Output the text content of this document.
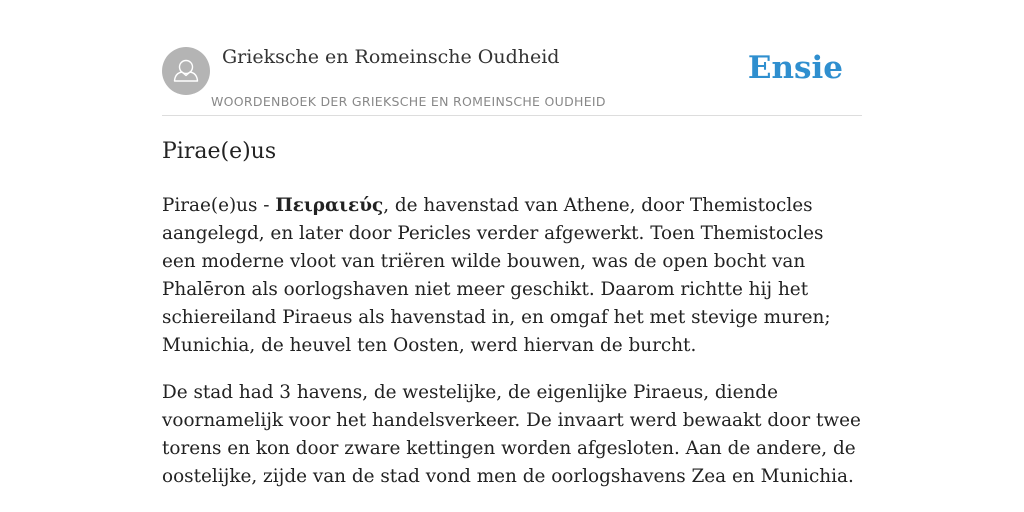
Grieksche en Romeinsche Oudheid
WOORDENBOEK DER GRIEKSCHE EN ROMEINSCHE OUDHEID
Ensie
Pirae(e)us

Pirae(e)us - Πειραιεύς, de havenstad van Athene, door Themistocles aangelegd, en later door Pericles verder afgewerkt. Toen Themistocles een moderne vloot van triëren wilde bouwen, was de open bocht van Phalēron als oorlogshaven niet meer geschikt. Daarom richtte hij het schiereiland Piraeus als havenstad in, en omgaf het met stevige muren; Munichia, de heuvel ten Oosten, werd hiervan de burcht.

De stad had 3 havens, de westelijke, de eigenlijke Piraeus, diende voornamelijk voor het handelsverkeer. De invaart werd bewaakt door twee torens en kon door zware kettingen worden afgesloten. Aan de andere, de oostelijke, zijde van de stad vond men de oorlogshavens Zea en Munichia.
